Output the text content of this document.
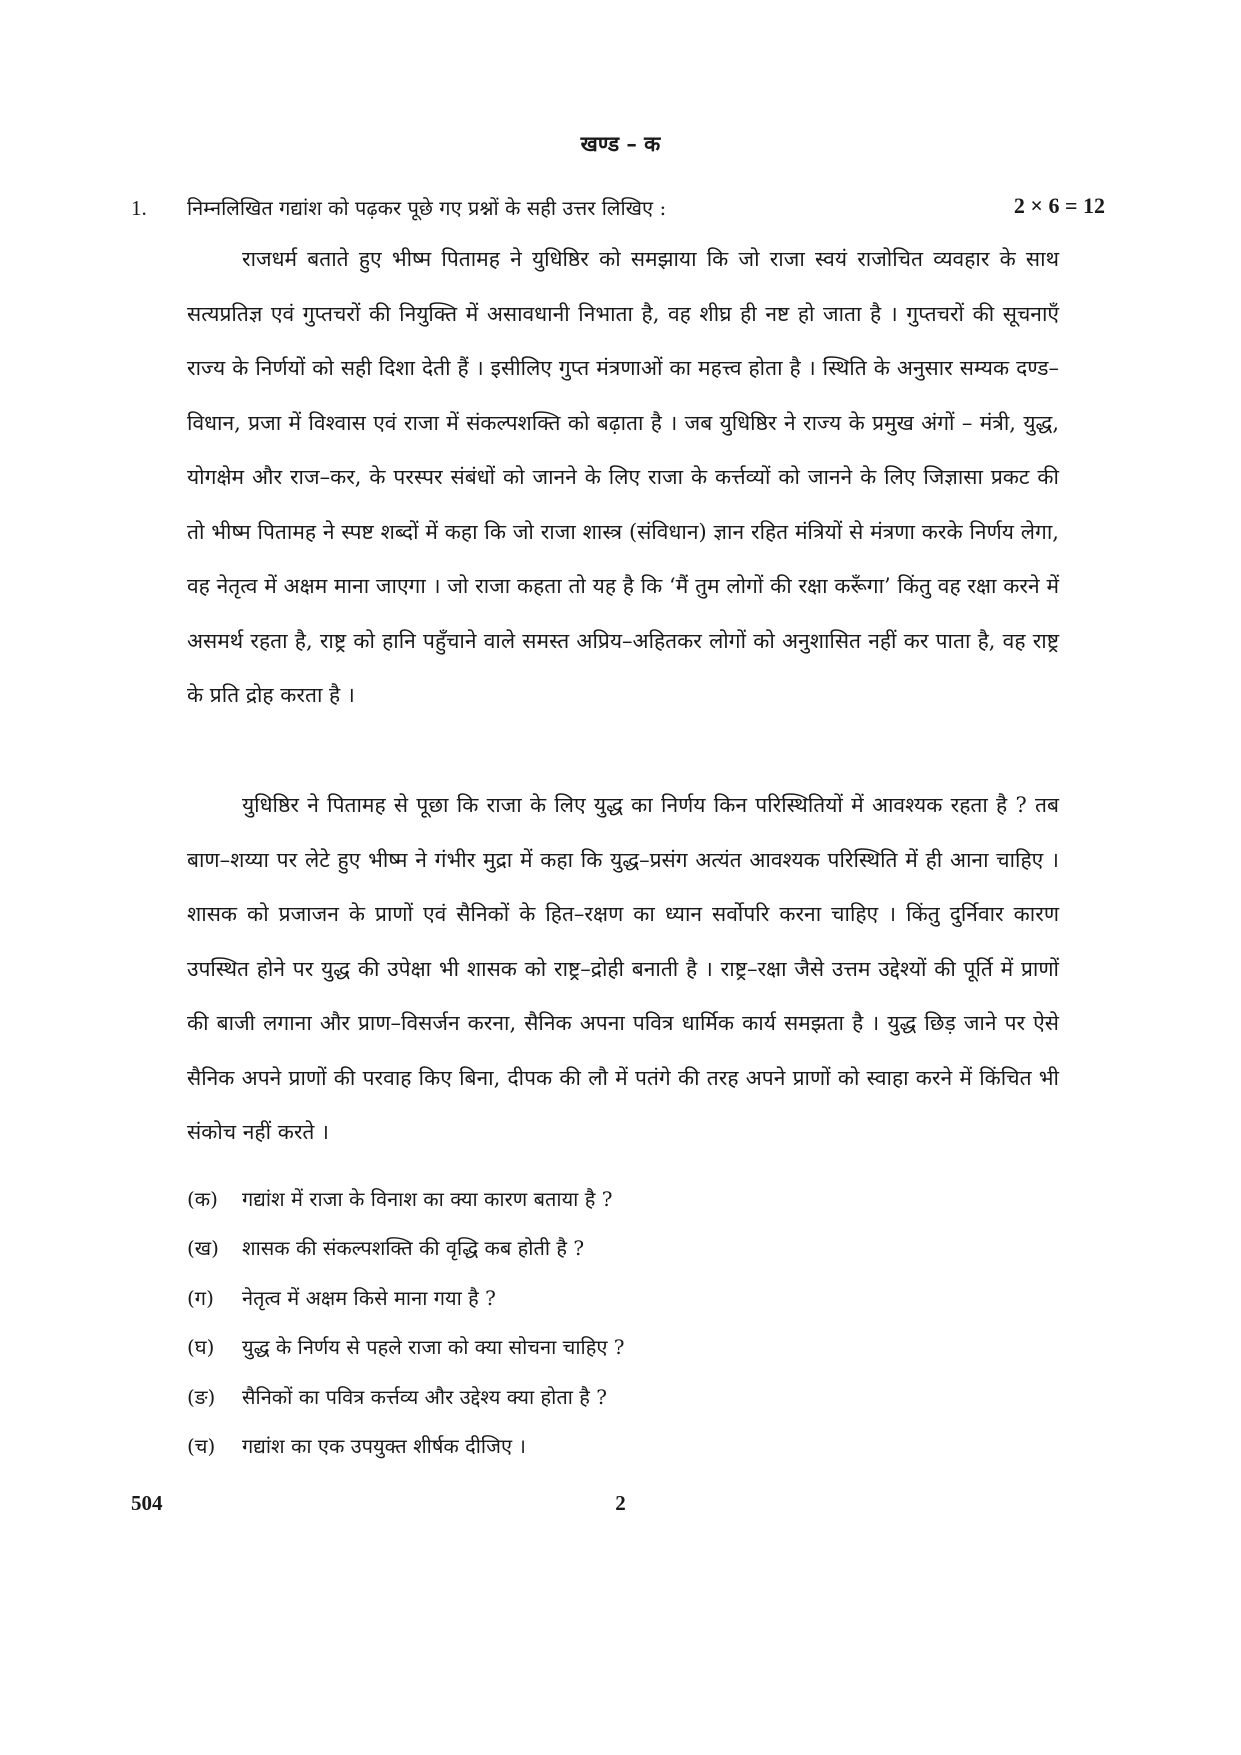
खण्ड – क
1. निम्नलिखित गद्यांश को पढ़कर पूछे गए प्रश्नों के सही उत्तर लिखिए :	2 × 6 = 12

राजधर्म बताते हुए भीष्म पितामह ने युधिष्ठिर को समझाया कि जो राजा स्वयं राजोचित व्यवहार के साथ सत्यप्रतिज्ञ एवं गुप्तचरों की नियुक्ति में असावधानी निभाता है, वह शीघ्र ही नष्ट हो जाता है । गुप्तचरों की सूचनाएँ राज्य के निर्णयों को सही दिशा देती हैं । इसीलिए गुप्त मंत्रणाओं का महत्त्व होता है । स्थिति के अनुसार सम्यक दण्ड–विधान, प्रजा में विश्वास एवं राजा में संकल्पशक्ति को बढ़ाता है । जब युधिष्ठिर ने राज्य के प्रमुख अंगों – मंत्री, युद्ध, योगक्षेम और राज–कर, के परस्पर संबंधों को जानने के लिए राजा के कर्त्तव्यों को जानने के लिए जिज्ञासा प्रकट की तो भीष्म पितामह ने स्पष्ट शब्दों में कहा कि जो राजा शास्त्र (संविधान) ज्ञान रहित मंत्रियों से मंत्रणा करके निर्णय लेगा, वह नेतृत्व में अक्षम माना जाएगा । जो राजा कहता तो यह है कि ‘मैं तुम लोगों की रक्षा करूँगा’ किंतु वह रक्षा करने में असमर्थ रहता है, राष्ट्र को हानि पहुँचाने वाले समस्त अप्रिय–अहितकर लोगों को अनुशासित नहीं कर पाता है, वह राष्ट्र के प्रति द्रोह करता है ।

युधिष्ठिर ने पितामह से पूछा कि राजा के लिए युद्ध का निर्णय किन परिस्थितियों में आवश्यक रहता है ? तब बाण–शय्या पर लेटे हुए भीष्म ने गंभीर मुद्रा में कहा कि युद्ध–प्रसंग अत्यंत आवश्यक परिस्थिति में ही आना चाहिए । शासक को प्रजाजन के प्राणों एवं सैनिकों के हित–रक्षण का ध्यान सर्वोपरि करना चाहिए । किंतु दुर्निवार कारण उपस्थित होने पर युद्ध की उपेक्षा भी शासक को राष्ट्र–द्रोही बनाती है । राष्ट्र–रक्षा जैसे उत्तम उद्देश्यों की पूर्ति में प्राणों की बाजी लगाना और प्राण–विसर्जन करना, सैनिक अपना पवित्र धार्मिक कार्य समझता है । युद्ध छिड़ जाने पर ऐसे सैनिक अपने प्राणों की परवाह किए बिना, दीपक की लौ में पतंगे की तरह अपने प्राणों को स्वाहा करने में किंचित भी संकोच नहीं करते ।

(क) गद्यांश में राजा के विनाश का क्या कारण बताया है ?
(ख) शासक की संकल्पशक्ति की वृद्धि कब होती है ?
(ग) नेतृत्व में अक्षम किसे माना गया है ?
(घ) युद्ध के निर्णय से पहले राजा को क्या सोचना चाहिए ?
(ङ) सैनिकों का पवित्र कर्त्तव्य और उद्देश्य क्या होता है ?
(च) गद्यांश का एक उपयुक्त शीर्षक दीजिए ।
504	2
